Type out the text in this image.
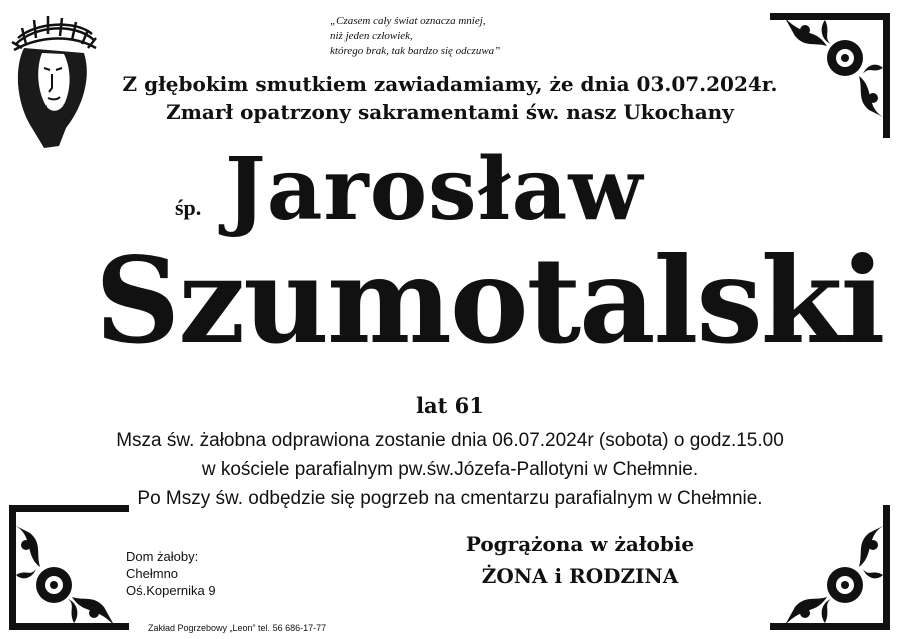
„Czasem cały świat oznacza mniej,
niż jeden człowiek,
którego brak, tak bardzo się odczuwa”
Z głębokim smutkiem zawiadamiamy, że dnia 03.07.2024r.
Zmarł opatrzony sakramentami św. nasz Ukochany
śp. Jarosław
Szumotalski
lat 61
Msza św. żałobna odprawiona zostanie dnia 06.07.2024r (sobota) o godz.15.00
w kościele parafialnym pw.św.Józefa-Pallotyni w Chełmnie.
Po Mszy św. odbędzie się pogrzeb na cmentarzu parafialnym w Chełmnie.
Dom żałoby:
Chełmno
Oś.Kopernika 9
Pogrążona w żałobie
ŻONA i RODZINA
Zakład Pogrzebowy „Leon” tel. 56 686-17-77
